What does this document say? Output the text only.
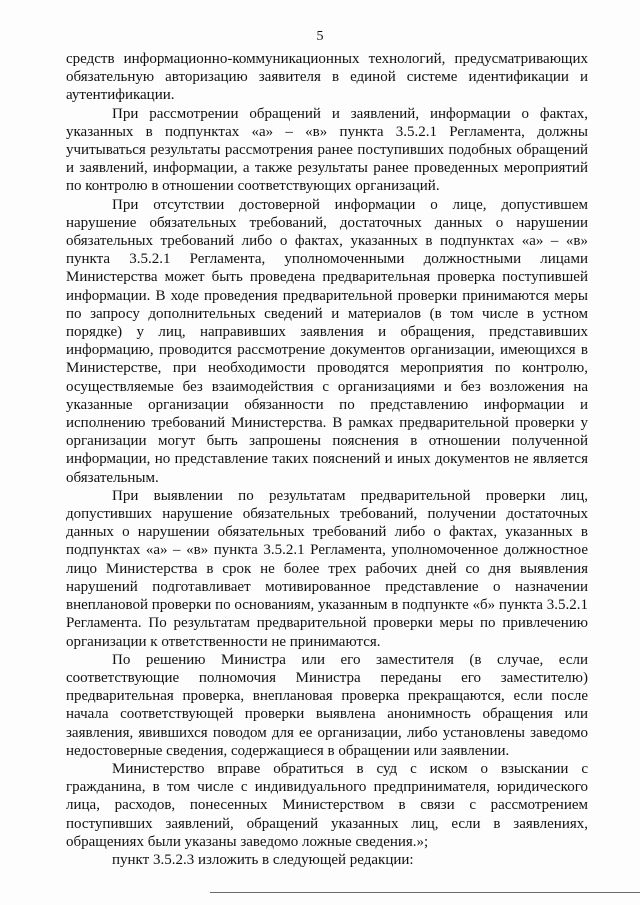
5

средств информационно-коммуникационных технологий, предусматривающих обязательную авторизацию заявителя в единой системе идентификации и аутентификации.

При рассмотрении обращений и заявлений, информации о фактах, указанных в подпунктах «а» – «в» пункта 3.5.2.1 Регламента, должны учитываться результаты рассмотрения ранее поступивших подобных обращений и заявлений, информации, а также результаты ранее проведенных мероприятий по контролю в отношении соответствующих организаций.

При отсутствии достоверной информации о лице, допустившем нарушение обязательных требований, достаточных данных о нарушении обязательных требований либо о фактах, указанных в подпунктах «а» – «в» пункта 3.5.2.1 Регламента, уполномоченными должностными лицами Министерства может быть проведена предварительная проверка поступившей информации. В ходе проведения предварительной проверки принимаются меры по запросу дополнительных сведений и материалов (в том числе в устном порядке) у лиц, направивших заявления и обращения, представивших информацию, проводится рассмотрение документов организации, имеющихся в Министерстве, при необходимости проводятся мероприятия по контролю, осуществляемые без взаимодействия с организациями и без возложения на указанные организации обязанности по представлению информации и исполнению требований Министерства. В рамках предварительной проверки у организации могут быть запрошены пояснения в отношении полученной информации, но представление таких пояснений и иных документов не является обязательным.

При выявлении по результатам предварительной проверки лиц, допустивших нарушение обязательных требований, получении достаточных данных о нарушении обязательных требований либо о фактах, указанных в подпунктах «а» – «в» пункта 3.5.2.1 Регламента, уполномоченное должностное лицо Министерства в срок не более трех рабочих дней со дня выявления нарушений подготавливает мотивированное представление о назначении внеплановой проверки по основаниям, указанным в подпункте «б» пункта 3.5.2.1 Регламента. По результатам предварительной проверки меры по привлечению организации к ответственности не принимаются.

По решению Министра или его заместителя (в случае, если соответствующие полномочия Министра переданы его заместителю) предварительная проверка, внеплановая проверка прекращаются, если после начала соответствующей проверки выявлена анонимность обращения или заявления, явившихся поводом для ее организации, либо установлены заведомо недостоверные сведения, содержащиеся в обращении или заявлении.

Министерство вправе обратиться в суд с иском о взыскании с гражданина, в том числе с индивидуального предпринимателя, юридического лица, расходов, понесенных Министерством в связи с рассмотрением поступивших заявлений, обращений указанных лиц, если в заявлениях, обращениях были указаны заведомо ложные сведения.»;

пункт 3.5.2.3 изложить в следующей редакции:
